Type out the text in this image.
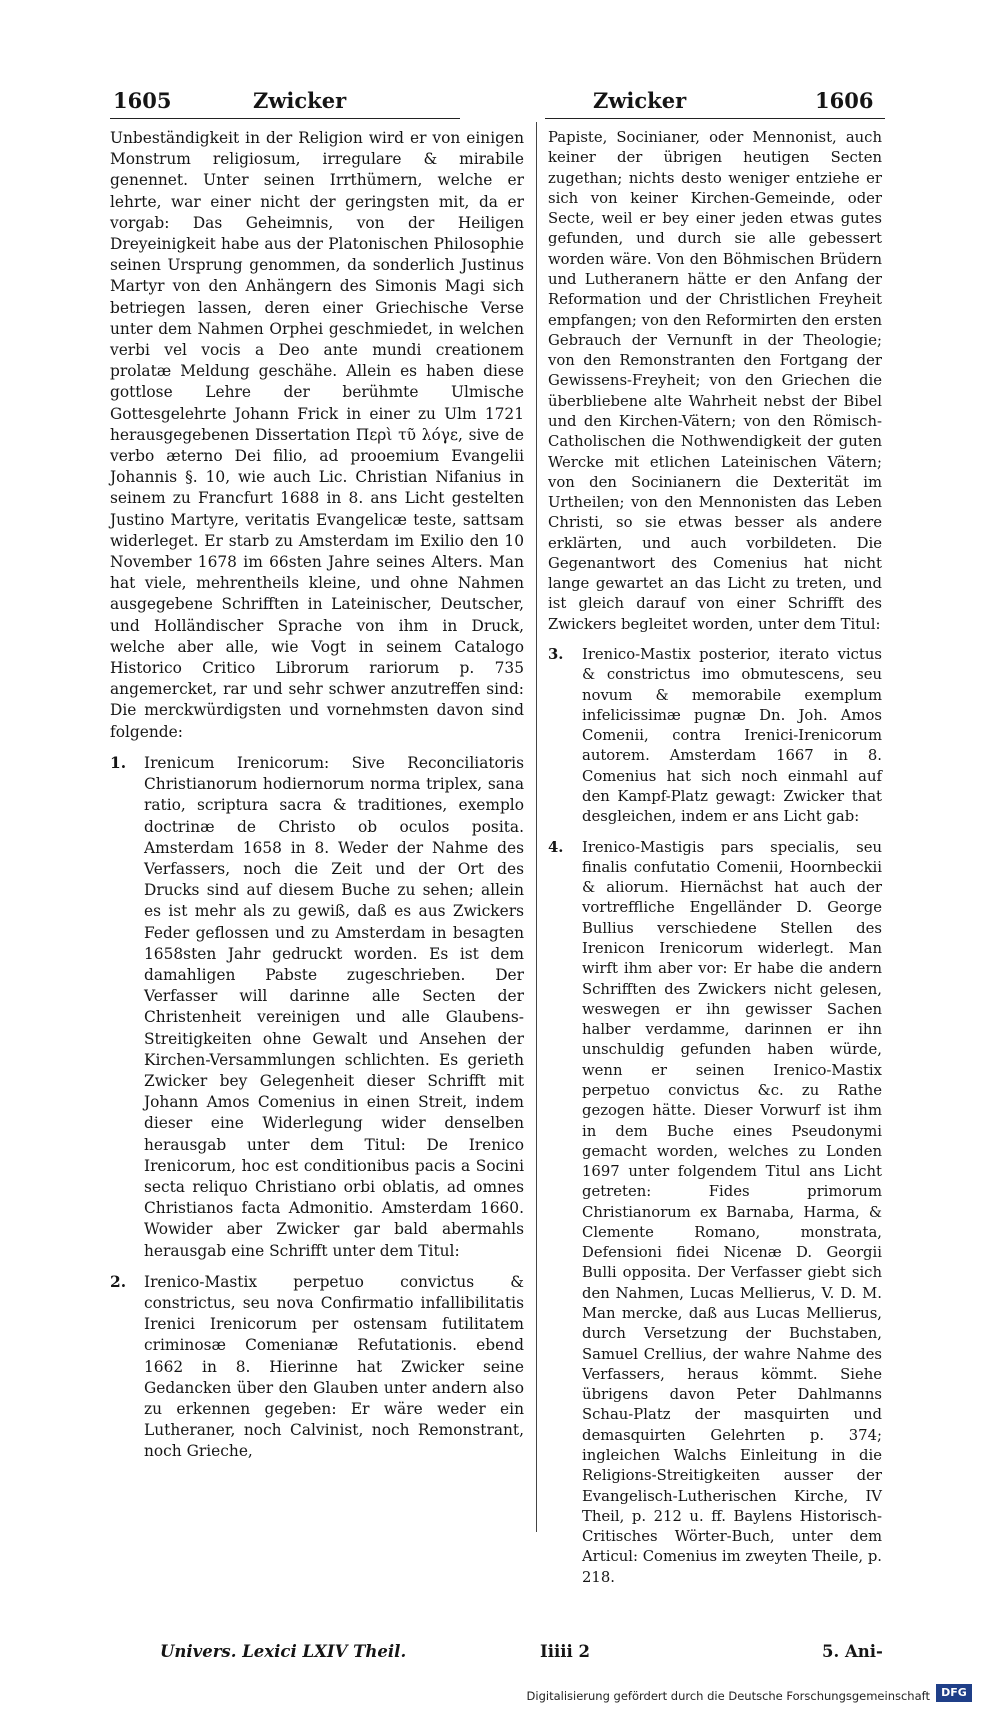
1605	Zwicker	Zwicker	1606

Unbeständigkeit in der Religion wird er von einigen Monstrum religiosum, irregulare & mirabile genennet. Unter seinen Irrthümern, welche er lehrte, war einer nicht der geringsten mit, da er vorgab: Das Geheimnis, von der Heiligen Dreyeinigkeit habe aus der Platonischen Philosophie seinen Ursprung genommen, da sonderlich Justinus Martyr von den Anhängern des Simonis Magi sich betriegen lassen, deren einer Griechische Verse unter dem Nahmen Orphei geschmiedet, in welchen verbi vel vocis a Deo ante mundi creationem prolatæ Meldung geschähe. Allein es haben diese gottlose Lehre der berühmte Ulmische Gottesgelehrte Johann Frick in einer zu Ulm 1721 herausgegebenen Dissertation Περὶ τῦ λόγε, sive de verbo æterno Dei filio, ad prooemium Evangelii Johannis §. 10, wie auch Lic. Christian Nifanius in seinem zu Francfurt 1688 in 8. ans Licht gestelten Justino Martyre, veritatis Evangelicæ teste, sattsam widerleget. Er starb zu Amsterdam im Exilio den 10 November 1678 im 66sten Jahre seines Alters. Man hat viele, mehrentheils kleine, und ohne Nahmen ausgegebene Schrifften in Lateinischer, Deutscher, und Holländischer Sprache von ihm in Druck, welche aber alle, wie Vogt in seinem Catalogo Historico Critico Librorum rariorum p. 735 angemercket, rar und sehr schwer anzutreffen sind: Die merckwürdigsten und vornehmsten davon sind folgende:

1. Irenicum Irenicorum: Sive Reconciliatoris Christianorum hodiernorum norma triplex, sana ratio, scriptura sacra & traditiones, exemplo doctrinæ de Christo ob oculos posita. Amsterdam 1658 in 8. Weder der Nahme des Verfassers, noch die Zeit und der Ort des Drucks sind auf diesem Buche zu sehen; allein es ist mehr als zu gewiß, daß es aus Zwickers Feder geflossen und zu Amsterdam in besagten 1658sten Jahr gedruckt worden. Es ist dem damahligen Pabste zugeschrieben. Der Verfasser will darinne alle Secten der Christenheit vereinigen und alle Glaubens-Streitigkeiten ohne Gewalt und Ansehen der Kirchen-Versammlungen schlichten. Es gerieth Zwicker bey Gelegenheit dieser Schrifft mit Johann Amos Comenius in einen Streit, indem dieser eine Widerlegung wider denselben herausgab unter dem Titul: De Irenico Irenicorum, hoc est conditionibus pacis a Socini secta reliquo Christiano orbi oblatis, ad omnes Christianos facta Admonitio. Amsterdam 1660. Wowider aber Zwicker gar bald abermahls herausgab eine Schrifft unter dem Titul:
2. Irenico-Mastix perpetuo convictus & constrictus, seu nova Confirmatio infallibilitatis Irenici Irenicorum per ostensam futilitatem criminosæ Comenianæ Refutationis. ebend 1662 in 8. Hierinne hat Zwicker seine Gedancken über den Glauben unter andern also zu erkennen gegeben: Er wäre weder ein Lutheraner, noch Calvinist, noch Remonstrant, noch Grieche,

Papiste, Socinianer, oder Mennonist, auch keiner der übrigen heutigen Secten zugethan; nichts desto weniger entziehe er sich von keiner Kirchen-Gemeinde, oder Secte, weil er bey einer jeden etwas gutes gefunden, und durch sie alle gebessert worden wäre. Von den Böhmischen Brüdern und Lutheranern hätte er den Anfang der Reformation und der Christlichen Freyheit empfangen; von den Reformirten den ersten Gebrauch der Vernunft in der Theologie; von den Remonstranten den Fortgang der Gewissens-Freyheit; von den Griechen die überbliebene alte Wahrheit nebst der Bibel und den Kirchen-Vätern; von den Römisch-Catholischen die Nothwendigkeit der guten Wercke mit etlichen Lateinischen Vätern; von den Socinianern die Dexterität im Urtheilen; von den Mennonisten das Leben Christi, so sie etwas besser als andere erklärten, und auch vorbildeten. Die Gegenantwort des Comenius hat nicht lange gewartet an das Licht zu treten, und ist gleich darauf von einer Schrifft des Zwickers begleitet worden, unter dem Titul:

3. Irenico-Mastix posterior, iterato victus & constrictus imo obmutescens, seu novum & memorabile exemplum infelicissimæ pugnæ Dn. Joh. Amos Comenii, contra Irenici-Irenicorum autorem. Amsterdam 1667 in 8. Comenius hat sich noch einmahl auf den Kampf-Platz gewagt: Zwicker that desgleichen, indem er ans Licht gab:
4. Irenico-Mastigis pars specialis, seu finalis confutatio Comenii, Hoornbeckii & aliorum. Hiernächst hat auch der vortreffliche Engelländer D. George Bullius verschiedene Stellen des Irenicon Irenicorum widerlegt. Man wirft ihm aber vor: Er habe die andern Schrifften des Zwickers nicht gelesen, weswegen er ihn gewisser Sachen halber verdamme, darinnen er ihn unschuldig gefunden haben würde, wenn er seinen Irenico-Mastix perpetuo convictus &c. zu Rathe gezogen hätte. Dieser Vorwurf ist ihm in dem Buche eines Pseudonymi gemacht worden, welches zu Londen 1697 unter folgendem Titul ans Licht getreten: Fides primorum Christianorum ex Barnaba, Harma, & Clemente Romano, monstrata, Defensioni fidei Nicenæ D. Georgii Bulli opposita. Der Verfasser giebt sich den Nahmen, Lucas Mellierus, V. D. M. Man mercke, daß aus Lucas Mellierus, durch Versetzung der Buchstaben, Samuel Crellius, der wahre Nahme des Verfassers, heraus kömmt. Siehe übrigens davon Peter Dahlmanns Schau-Platz der masquirten und demasquirten Gelehrten p. 374; ingleichen Walchs Einleitung in die Religions-Streitigkeiten ausser der Evangelisch-Lutherischen Kirche, IV Theil, p. 212 u. ff. Baylens Historisch-Critisches Wörter-Buch, unter dem Articul: Comenius im zweyten Theile, p. 218.
Univers. Lexici LXIV Theil.	Iiiii 2	5. Ani-
Digitalisierung gefördert durch die Deutsche Forschungsgemeinschaft	DFG
